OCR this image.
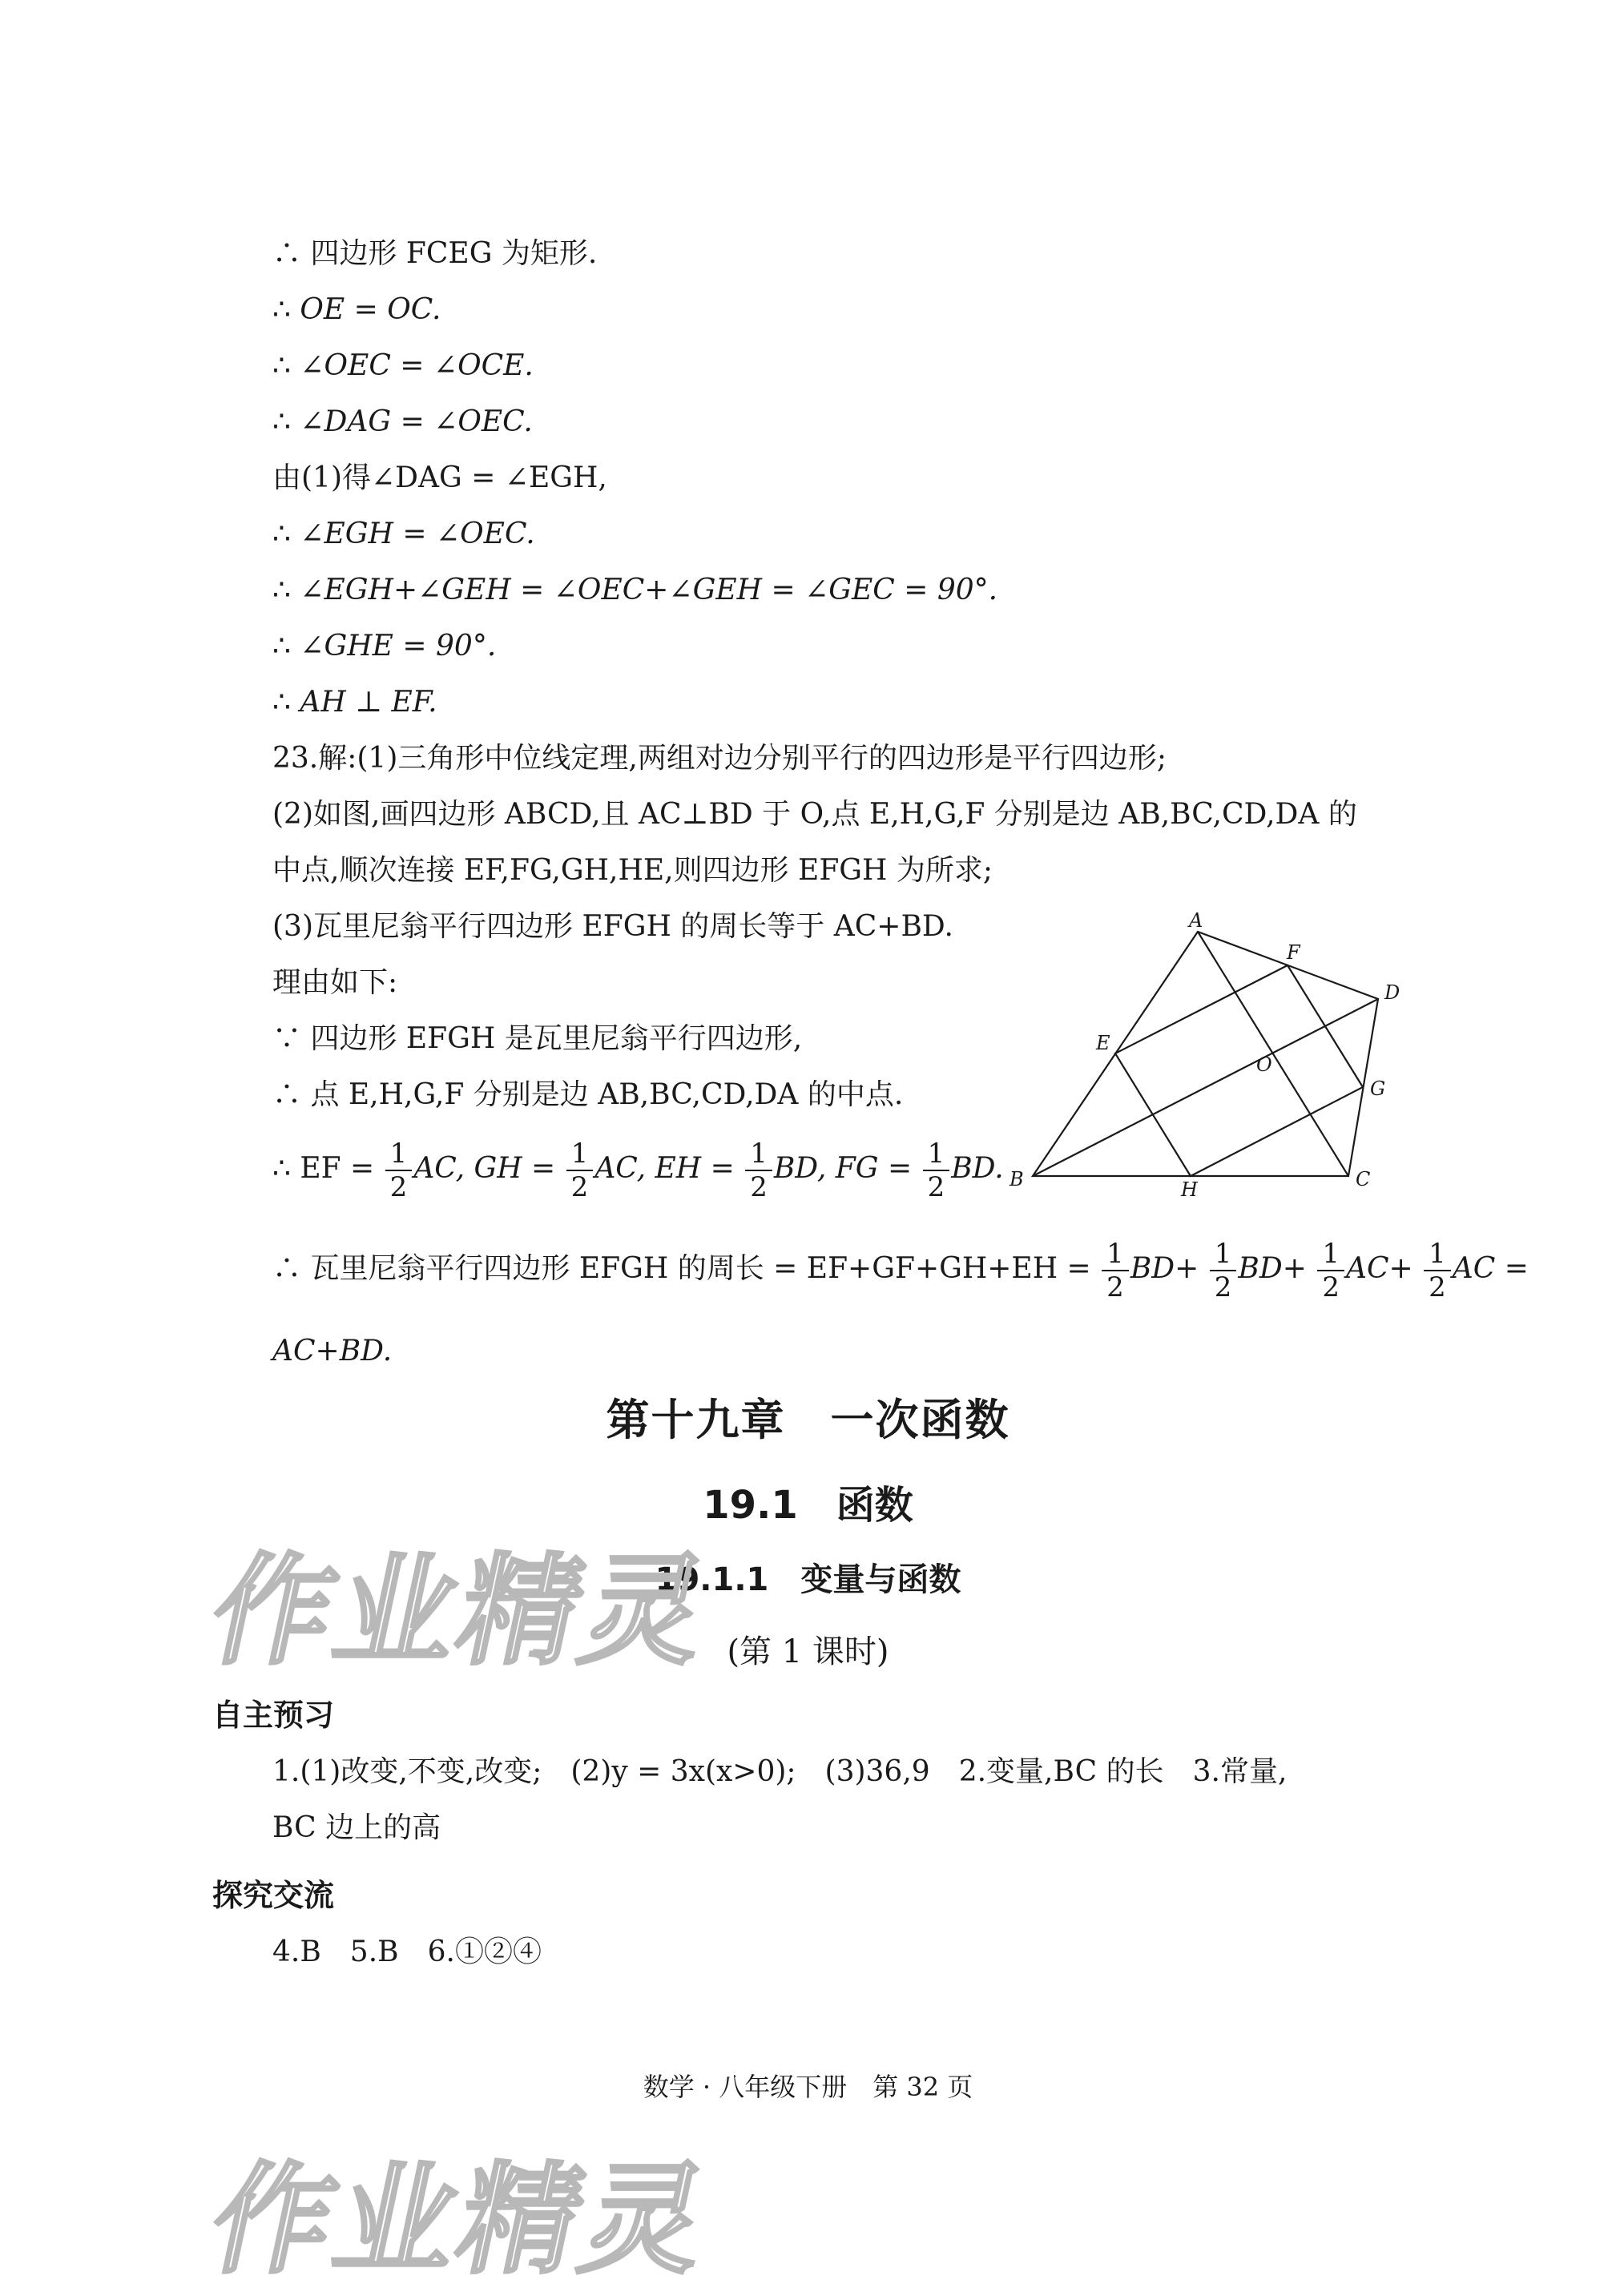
∴ 四边形 FCEG 为矩形.
∴ OE = OC.
∴ ∠OEC = ∠OCE.
∴ ∠DAG = ∠OEC.
由(1)得∠DAG = ∠EGH,
∴ ∠EGH = ∠OEC.
∴ ∠EGH+∠GEH = ∠OEC+∠GEH = ∠GEC = 90°.
∴ ∠GHE = 90°.
∴ AH ⊥ EF.
23.解:(1)三角形中位线定理,两组对边分别平行的四边形是平行四边形;
(2)如图,画四边形 ABCD,且 AC⊥BD 于 O,点 E,H,G,F 分别是边 AB,BC,CD,DA 的
中点,顺次连接 EF,FG,GH,HE,则四边形 EFGH 为所求;
(3)瓦里尼翁平行四边形 EFGH 的周长等于 AC+BD.
理由如下:
∵ 四边形 EFGH 是瓦里尼翁平行四边形,
∴ 点 E,H,G,F 分别是边 AB,BC,CD,DA 的中点.
∴ EF = $\frac{1}{2}$ AC, GH = $\frac{1}{2}$ AC, EH = $\frac{1}{2}$ BD, FG = $\frac{1}{2}$ BD.
∴ 瓦里尼翁平行四边形 EFGH 的周长 = $EF+GF+GH+EH = \frac{1}{2} BD+ \frac{1}{2} BD+ \frac{1}{2} AC+ \frac{1}{2}$ AC =
AC+BD.
A
F
D
E
O
G
B	H	C
第十九章　一次函数
19.1　函数
19.1.1　变量与函数
(第 1 课时)
自主预习
1.(1)改变,不变,改变;　(2)y = 3x(x>0);　(3)36,9　2.变量,BC 的长　3.常量,
BC 边上的高
探究交流
4.B　5.B　6.①②④
数学 · 八年级下册　第 32 页
作业精灵
作业精灵
